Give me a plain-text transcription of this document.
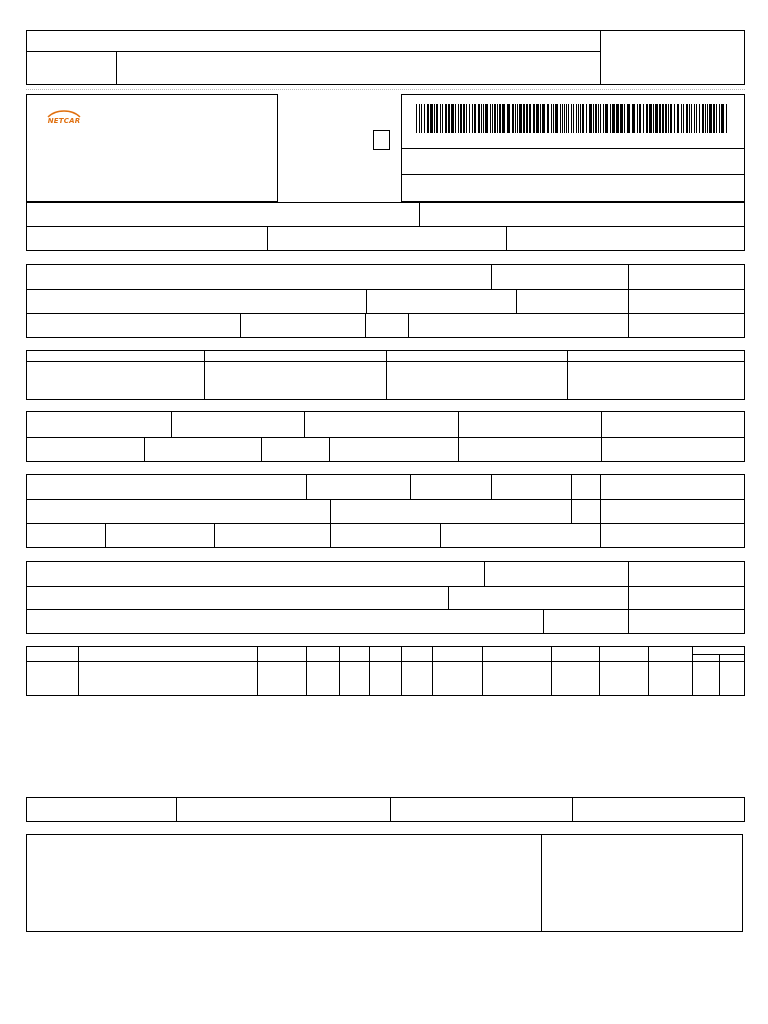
NETCAR
